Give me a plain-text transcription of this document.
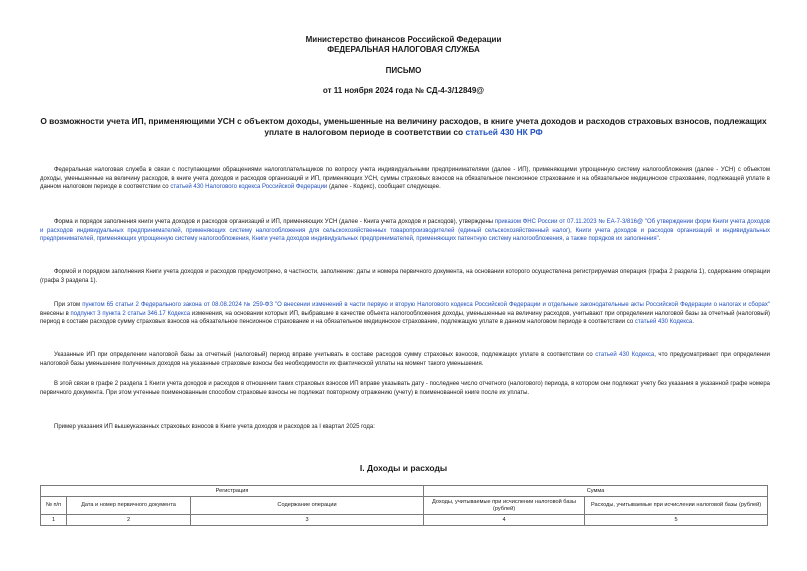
Министерство финансов Российской Федерации
ФЕДЕРАЛЬНАЯ НАЛОГОВАЯ СЛУЖБА
ПИСЬМО
от 11 ноября 2024 года № СД-4-3/12849@
О возможности учета ИП, применяющими УСН с объектом доходы, уменьшенные на величину расходов, в книге учета доходов и расходов страховых взносов, подлежащих уплате в налоговом периоде в соответствии со статьей 430 НК РФ
Федеральная налоговая служба в связи с поступающими обращениями налогоплательщиков по вопросу учета индивидуальными предпринимателями (далее - ИП), применяющими упрощенную систему налогообложения (далее - УСН) с объектом доходы, уменьшенные на величину расходов, в книге учета доходов и расходов организаций и ИП, применяющих УСН, суммы страховых взносов на обязательное пенсионное страхование и на обязательное медицинское страхование, подлежащей уплате в данном налоговом периоде в соответствии со статьей 430 Налогового кодекса Российской Федерации (далее - Кодекс), сообщает следующее.
Форма и порядок заполнения книги учета доходов и расходов организаций и ИП, применяющих УСН (далее - Книга учета доходов и расходов), утверждены приказом ФНС России от 07.11.2023 № ЕА-7-3/816@ "Об утверждении форм Книги учета доходов и расходов индивидуальных предпринимателей, применяющих систему налогообложения для сельскохозяйственных товаропроизводителей (единый сельскохозяйственный налог), Книги учета доходов и расходов организаций и индивидуальных предпринимателей, применяющих упрощенную систему налогообложения, Книги учета доходов индивидуальных предпринимателей, применяющих патентную систему налогообложения, а также порядков их заполнения".
Формой и порядком заполнения Книги учета доходов и расходов предусмотрено, в частности, заполнение: даты и номера первичного документа, на основании которого осуществлена регистрируемая операция (графа 2 раздела 1), содержание операции (графа 3 раздела 1).
При этом пунктом 65 статьи 2 Федерального закона от 08.08.2024 № 259-ФЗ "О внесении изменений в части первую и вторую Налогового кодекса Российской Федерации и отдельные законодательные акты Российской Федерации о налогах и сборах" внесены в подпункт 3 пункта 2 статьи 346.17 Кодекса изменения, на основании которых ИП, выбравшие в качестве объекта налогообложения доходы, уменьшенные на величину расходов, учитывают при определении налоговой базы за отчетный (налоговый) период в составе расходов сумму страховых взносов на обязательное пенсионное страхование и на обязательное медицинское страхование, подлежащую уплате в данном налоговом периоде в соответствии со статьей 430 Кодекса.
Указанные ИП при определении налоговой базы за отчетный (налоговый) период вправе учитывать в составе расходов сумму страховых взносов, подлежащих уплате в соответствии со статьей 430 Кодекса, что предусматривает при определении налоговой базы уменьшение полученных доходов на указанные страховые взносы без необходимости их фактической уплаты на момент такого уменьшения.
В этой связи в графе 2 раздела 1 Книги учета доходов и расходов в отношении таких страховых взносов ИП вправе указывать дату - последнее число отчетного (налогового) периода, в котором они подлежат учету без указания в указанной графе номера первичного документа. При этом учтенные поименованным способом страховые взносы не подлежат повторному отражению (учету) в поименованной книге после их уплаты.
Пример указания ИП вышеуказанных страховых взносов в Книге учета доходов и расходов за I квартал 2025 года:
I. Доходы и расходы
Регистрация			Сумма	
№ п/п	Дата и номер первичного документа	Содержание операции	Доходы, учитываемые при исчислении налоговой базы (рублей)	Расходы, учитываемые при исчислении налоговой базы (рублей)
1	2	3	4	5
